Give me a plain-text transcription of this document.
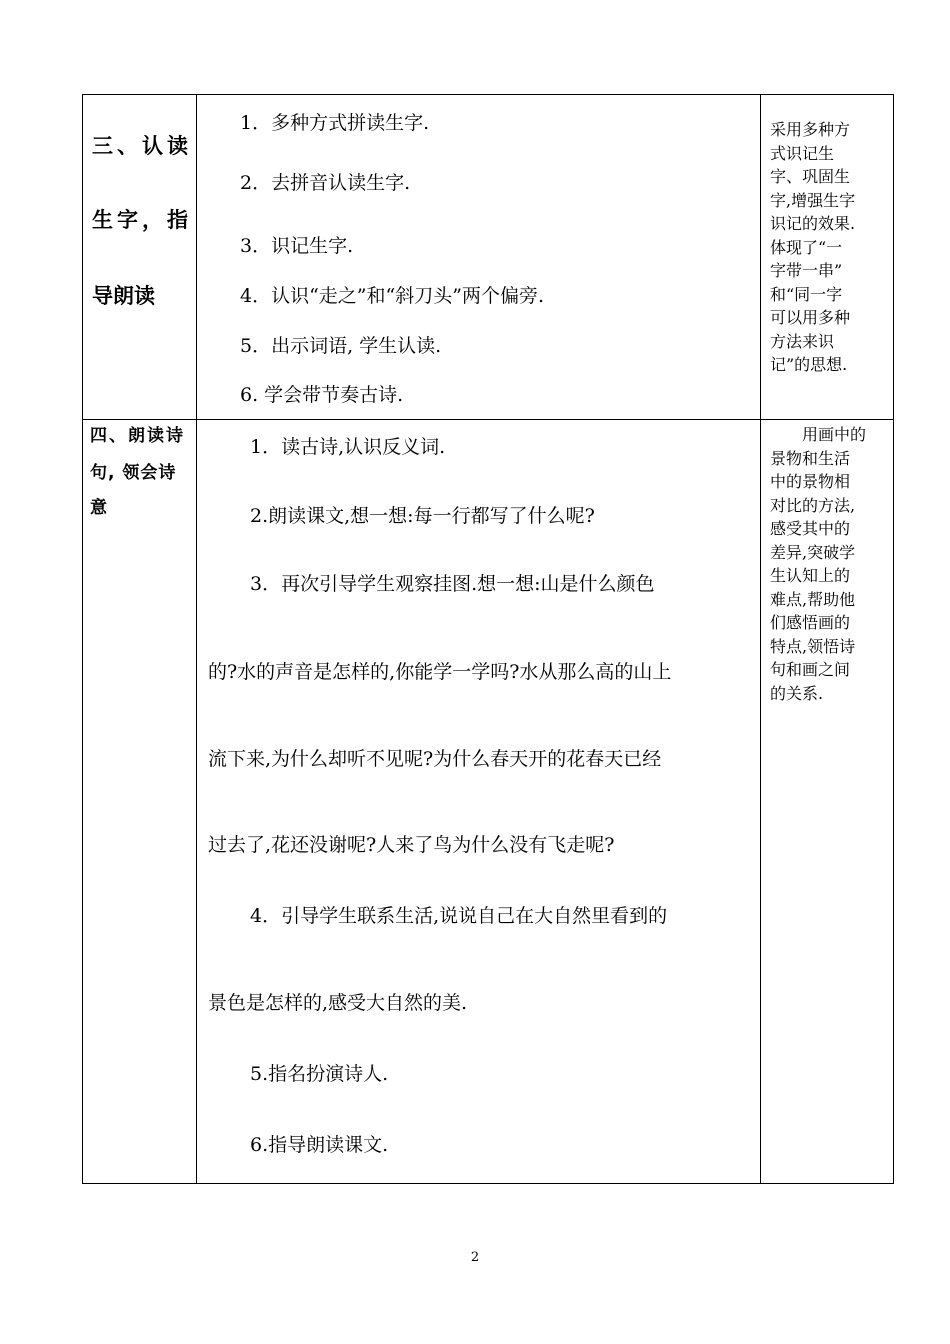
三、认读
生字，指
导朗读
1．多种方式拼读生字.
2．去拼音认读生字.
3．识记生字.
4．认识“走之”和“斜刀头”两个偏旁.
5．出示词语, 学生认读.
6. 学会带节奏古诗.
采用多种方
式识记生
字、巩固生
字,增强生字
识记的效果.
体现了“一
字带一串”
和“同一字
可以用多种
方法来识
记”的思想.
四、朗读诗
句, 领会诗
意
1．读古诗,认识反义词.
2.朗读课文,想一想:每一行都写了什么呢?
3．再次引导学生观察挂图.想一想:山是什么颜色
的?水的声音是怎样的,你能学一学吗?水从那么高的山上
流下来,为什么却听不见呢?为什么春天开的花春天已经
过去了,花还没谢呢?人来了鸟为什么没有飞走呢?
4．引导学生联系生活,说说自己在大自然里看到的
景色是怎样的,感受大自然的美.
5.指名扮演诗人.
6.指导朗读课文.
用画中的
景物和生活
中的景物相
对比的方法,
感受其中的
差异,突破学
生认知上的
难点,帮助他
们感悟画的
特点,领悟诗
句和画之间
的关系.
2
